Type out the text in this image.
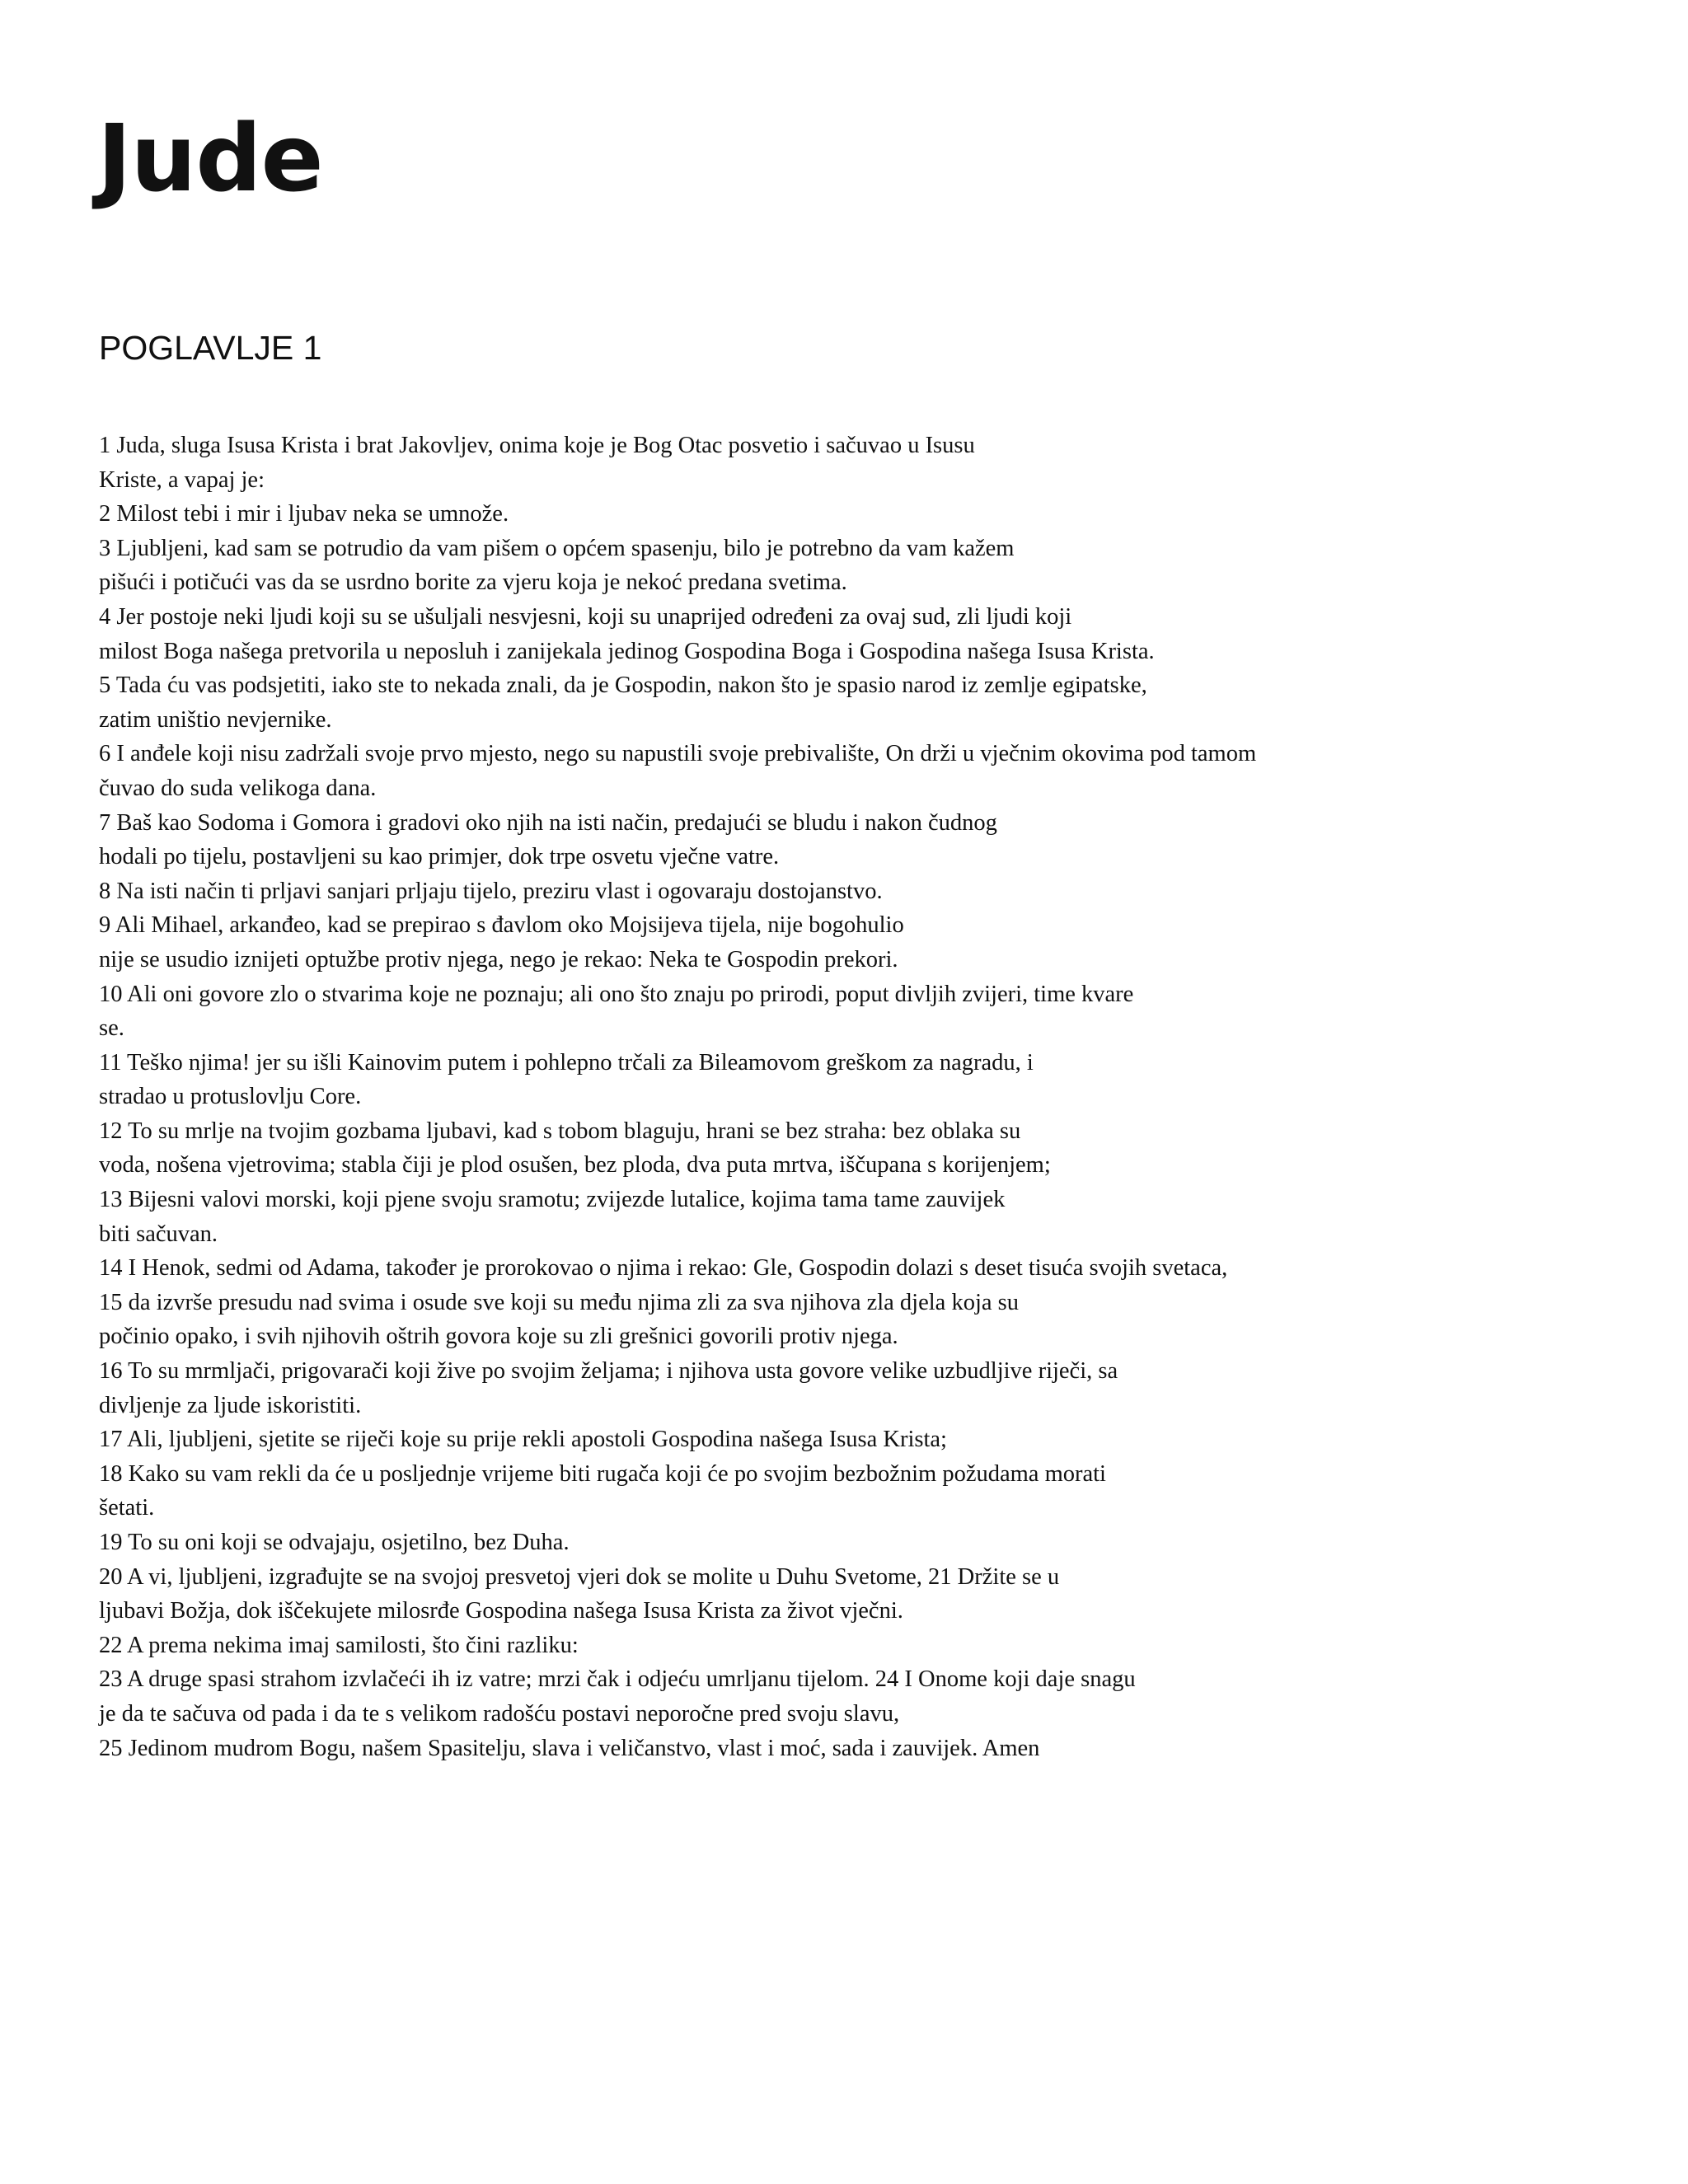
Jude
POGLAVLJE 1
1 Juda, sluga Isusa Krista i brat Jakovljev, onima koje je Bog Otac posvetio i sačuvao u Isusu
Kriste, a vapaj je:
2 Milost tebi i mir i ljubav neka se umnože.
3 Ljubljeni, kad sam se potrudio da vam pišem o općem spasenju, bilo je potrebno da vam kažem
pišući i potičući vas da se usrdno borite za vjeru koja je nekoć predana svetima.
4 Jer postoje neki ljudi koji su se ušuljali nesvjesni, koji su unaprijed određeni za ovaj sud, zli ljudi koji
milost Boga našega pretvorila u neposluh i zanijekala jedinog Gospodina Boga i Gospodina našega Isusa Krista.
5 Tada ću vas podsjetiti, iako ste to nekada znali, da je Gospodin, nakon što je spasio narod iz zemlje egipatske,
zatim uništio nevjernike.
6 I anđele koji nisu zadržali svoje prvo mjesto, nego su napustili svoje prebivalište, On drži u vječnim okovima pod tamom
čuvao do suda velikoga dana.
7 Baš kao Sodoma i Gomora i gradovi oko njih na isti način, predajući se bludu i nakon čudnog
hodali po tijelu, postavljeni su kao primjer, dok trpe osvetu vječne vatre.
8 Na isti način ti prljavi sanjari prljaju tijelo, preziru vlast i ogovaraju dostojanstvo.
9 Ali Mihael, arkanđeo, kad se prepirao s đavlom oko Mojsijeva tijela, nije bogohulio
nije se usudio iznijeti optužbe protiv njega, nego je rekao: Neka te Gospodin prekori.
10 Ali oni govore zlo o stvarima koje ne poznaju; ali ono što znaju po prirodi, poput divljih zvijeri, time kvare
se.
11 Teško njima! jer su išli Kainovim putem i pohlepno trčali za Bileamovom greškom za nagradu, i
stradao u protuslovlju Core.
12 To su mrlje na tvojim gozbama ljubavi, kad s tobom blaguju, hrani se bez straha: bez oblaka su
voda, nošena vjetrovima; stabla čiji je plod osušen, bez ploda, dva puta mrtva, iščupana s korijenjem;
13 Bijesni valovi morski, koji pjene svoju sramotu; zvijezde lutalice, kojima tama tame zauvijek
biti sačuvan.
14 I Henok, sedmi od Adama, također je prorokovao o njima i rekao: Gle, Gospodin dolazi s deset tisuća svojih svetaca,
15 da izvrše presudu nad svima i osude sve koji su među njima zli za sva njihova zla djela koja su
počinio opako, i svih njihovih oštrih govora koje su zli grešnici govorili protiv njega.
16 To su mrmljači, prigovarači koji žive po svojim željama; i njihova usta govore velike uzbudljive riječi, sa
divljenje za ljude iskoristiti.
17 Ali, ljubljeni, sjetite se riječi koje su prije rekli apostoli Gospodina našega Isusa Krista;
18 Kako su vam rekli da će u posljednje vrijeme biti rugača koji će po svojim bezbožnim požudama morati
šetati.
19 To su oni koji se odvajaju, osjetilno, bez Duha.
20 A vi, ljubljeni, izgrađujte se na svojoj presvetoj vjeri dok se molite u Duhu Svetome, 21 Držite se u
ljubavi Božja, dok iščekujete milosrđe Gospodina našega Isusa Krista za život vječni.
22 A prema nekima imaj samilosti, što čini razliku:
23 A druge spasi strahom izvlačeći ih iz vatre; mrzi čak i odjeću umrljanu tijelom. 24 I Onome koji daje snagu
je da te sačuva od pada i da te s velikom radošću postavi neporočne pred svoju slavu,
25 Jedinom mudrom Bogu, našem Spasitelju, slava i veličanstvo, vlast i moć, sada i zauvijek. Amen
